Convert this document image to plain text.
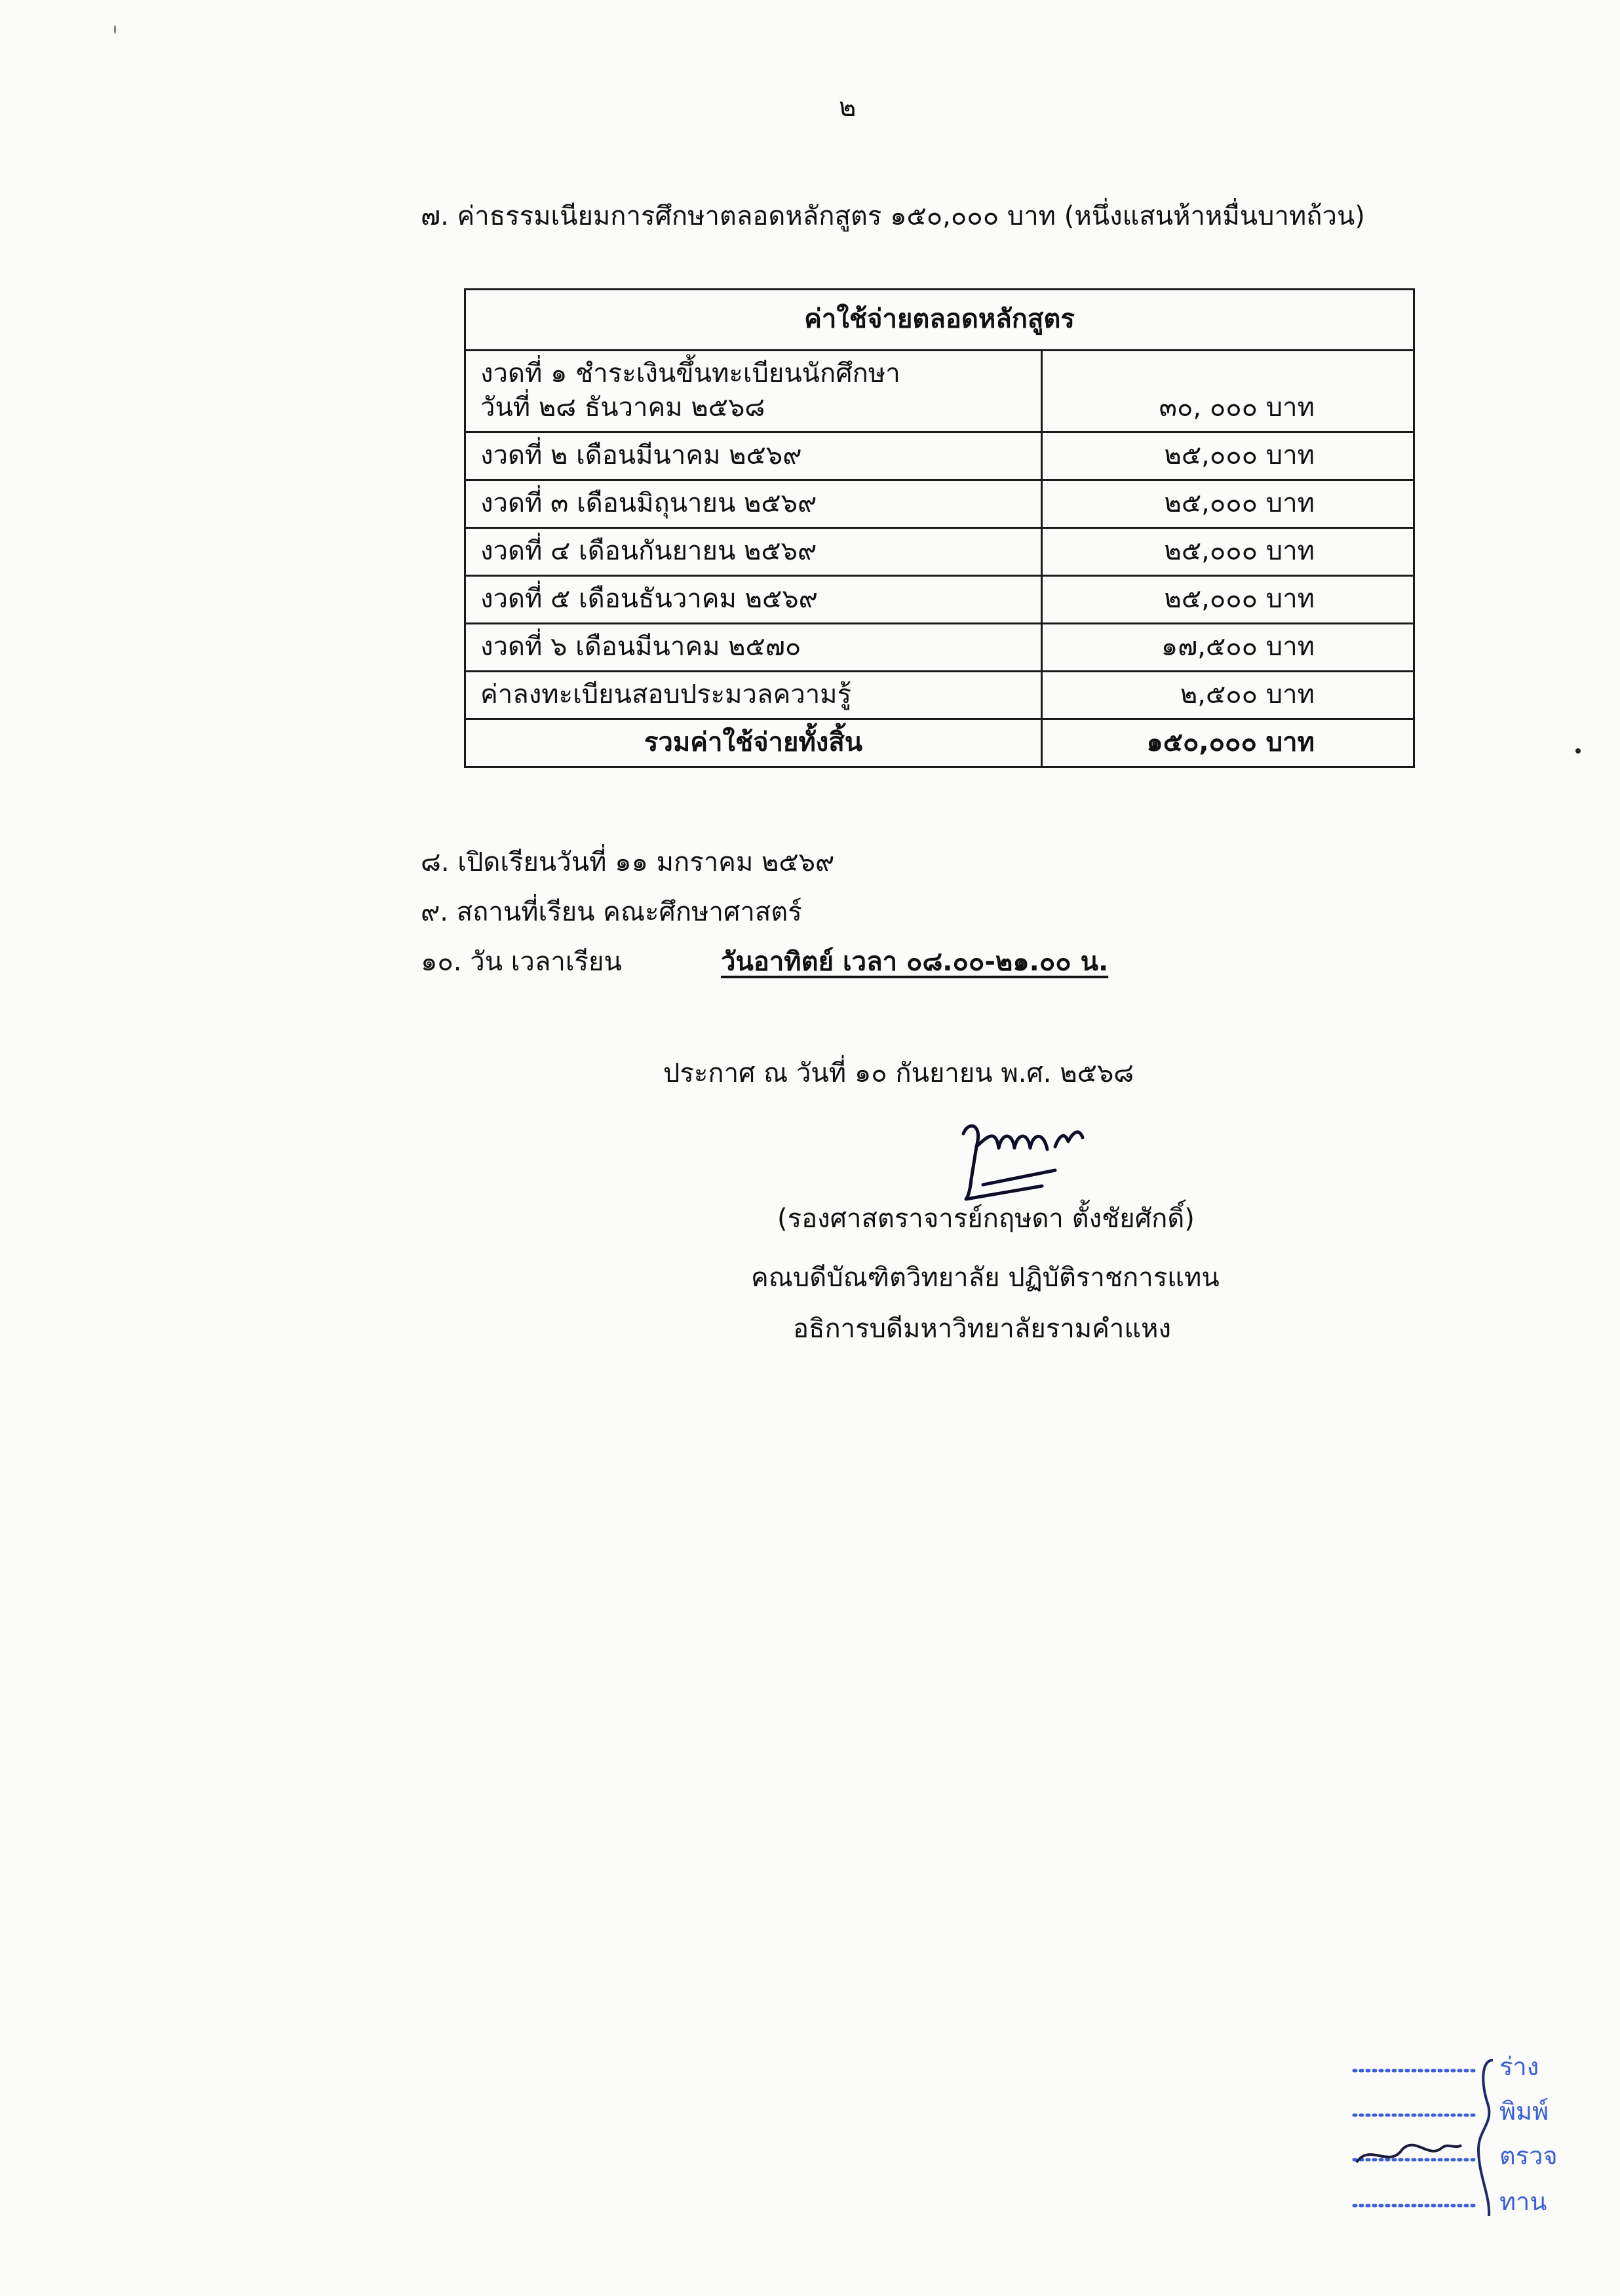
๒
๗. ค่าธรรมเนียมการศึกษาตลอดหลักสูตร ๑๕๐,๐๐๐ บาท (หนึ่งแสนห้าหมื่นบาทถ้วน)
ค่าใช้จ่ายตลอดหลักสูตร	

งวดที่ ๑ ชำระเงินขึ้นทะเบียนนักศึกษา
วันที่ ๒๘ ธันวาคม ๒๕๖๘	๓๐, ๐๐๐ บาท
งวดที่ ๒ เดือนมีนาคม ๒๕๖๙	๒๕,๐๐๐ บาท
งวดที่ ๓ เดือนมิถุนายน ๒๕๖๙	๒๕,๐๐๐ บาท
งวดที่ ๔ เดือนกันยายน ๒๕๖๙	๒๕,๐๐๐ บาท
งวดที่ ๕ เดือนธันวาคม ๒๕๖๙	๒๕,๐๐๐ บาท
งวดที่ ๖ เดือนมีนาคม ๒๕๗๐	๑๗,๕๐๐ บาท
ค่าลงทะเบียนสอบประมวลความรู้	๒,๕๐๐ บาท
รวมค่าใช้จ่ายทั้งสิ้น	๑๕๐,๐๐๐ บาท
๘. เปิดเรียนวันที่ ๑๑ มกราคม ๒๕๖๙
๙. สถานที่เรียน คณะศึกษาศาสตร์
๑๐. วัน เวลาเรียน	วันอาทิตย์ เวลา ๐๘.๐๐-๒๑.๐๐ น.
ประกาศ ณ วันที่ ๑๐ กันยายน พ.ศ. ๒๕๖๘
(รองศาสตราจารย์กฤษดา ตั้งชัยศักดิ์)
คณบดีบัณฑิตวิทยาลัย ปฏิบัติราชการแทน
อธิการบดีมหาวิทยาลัยรามคำแหง
ร่าง
พิมพ์
ตรวจ
ทาน
